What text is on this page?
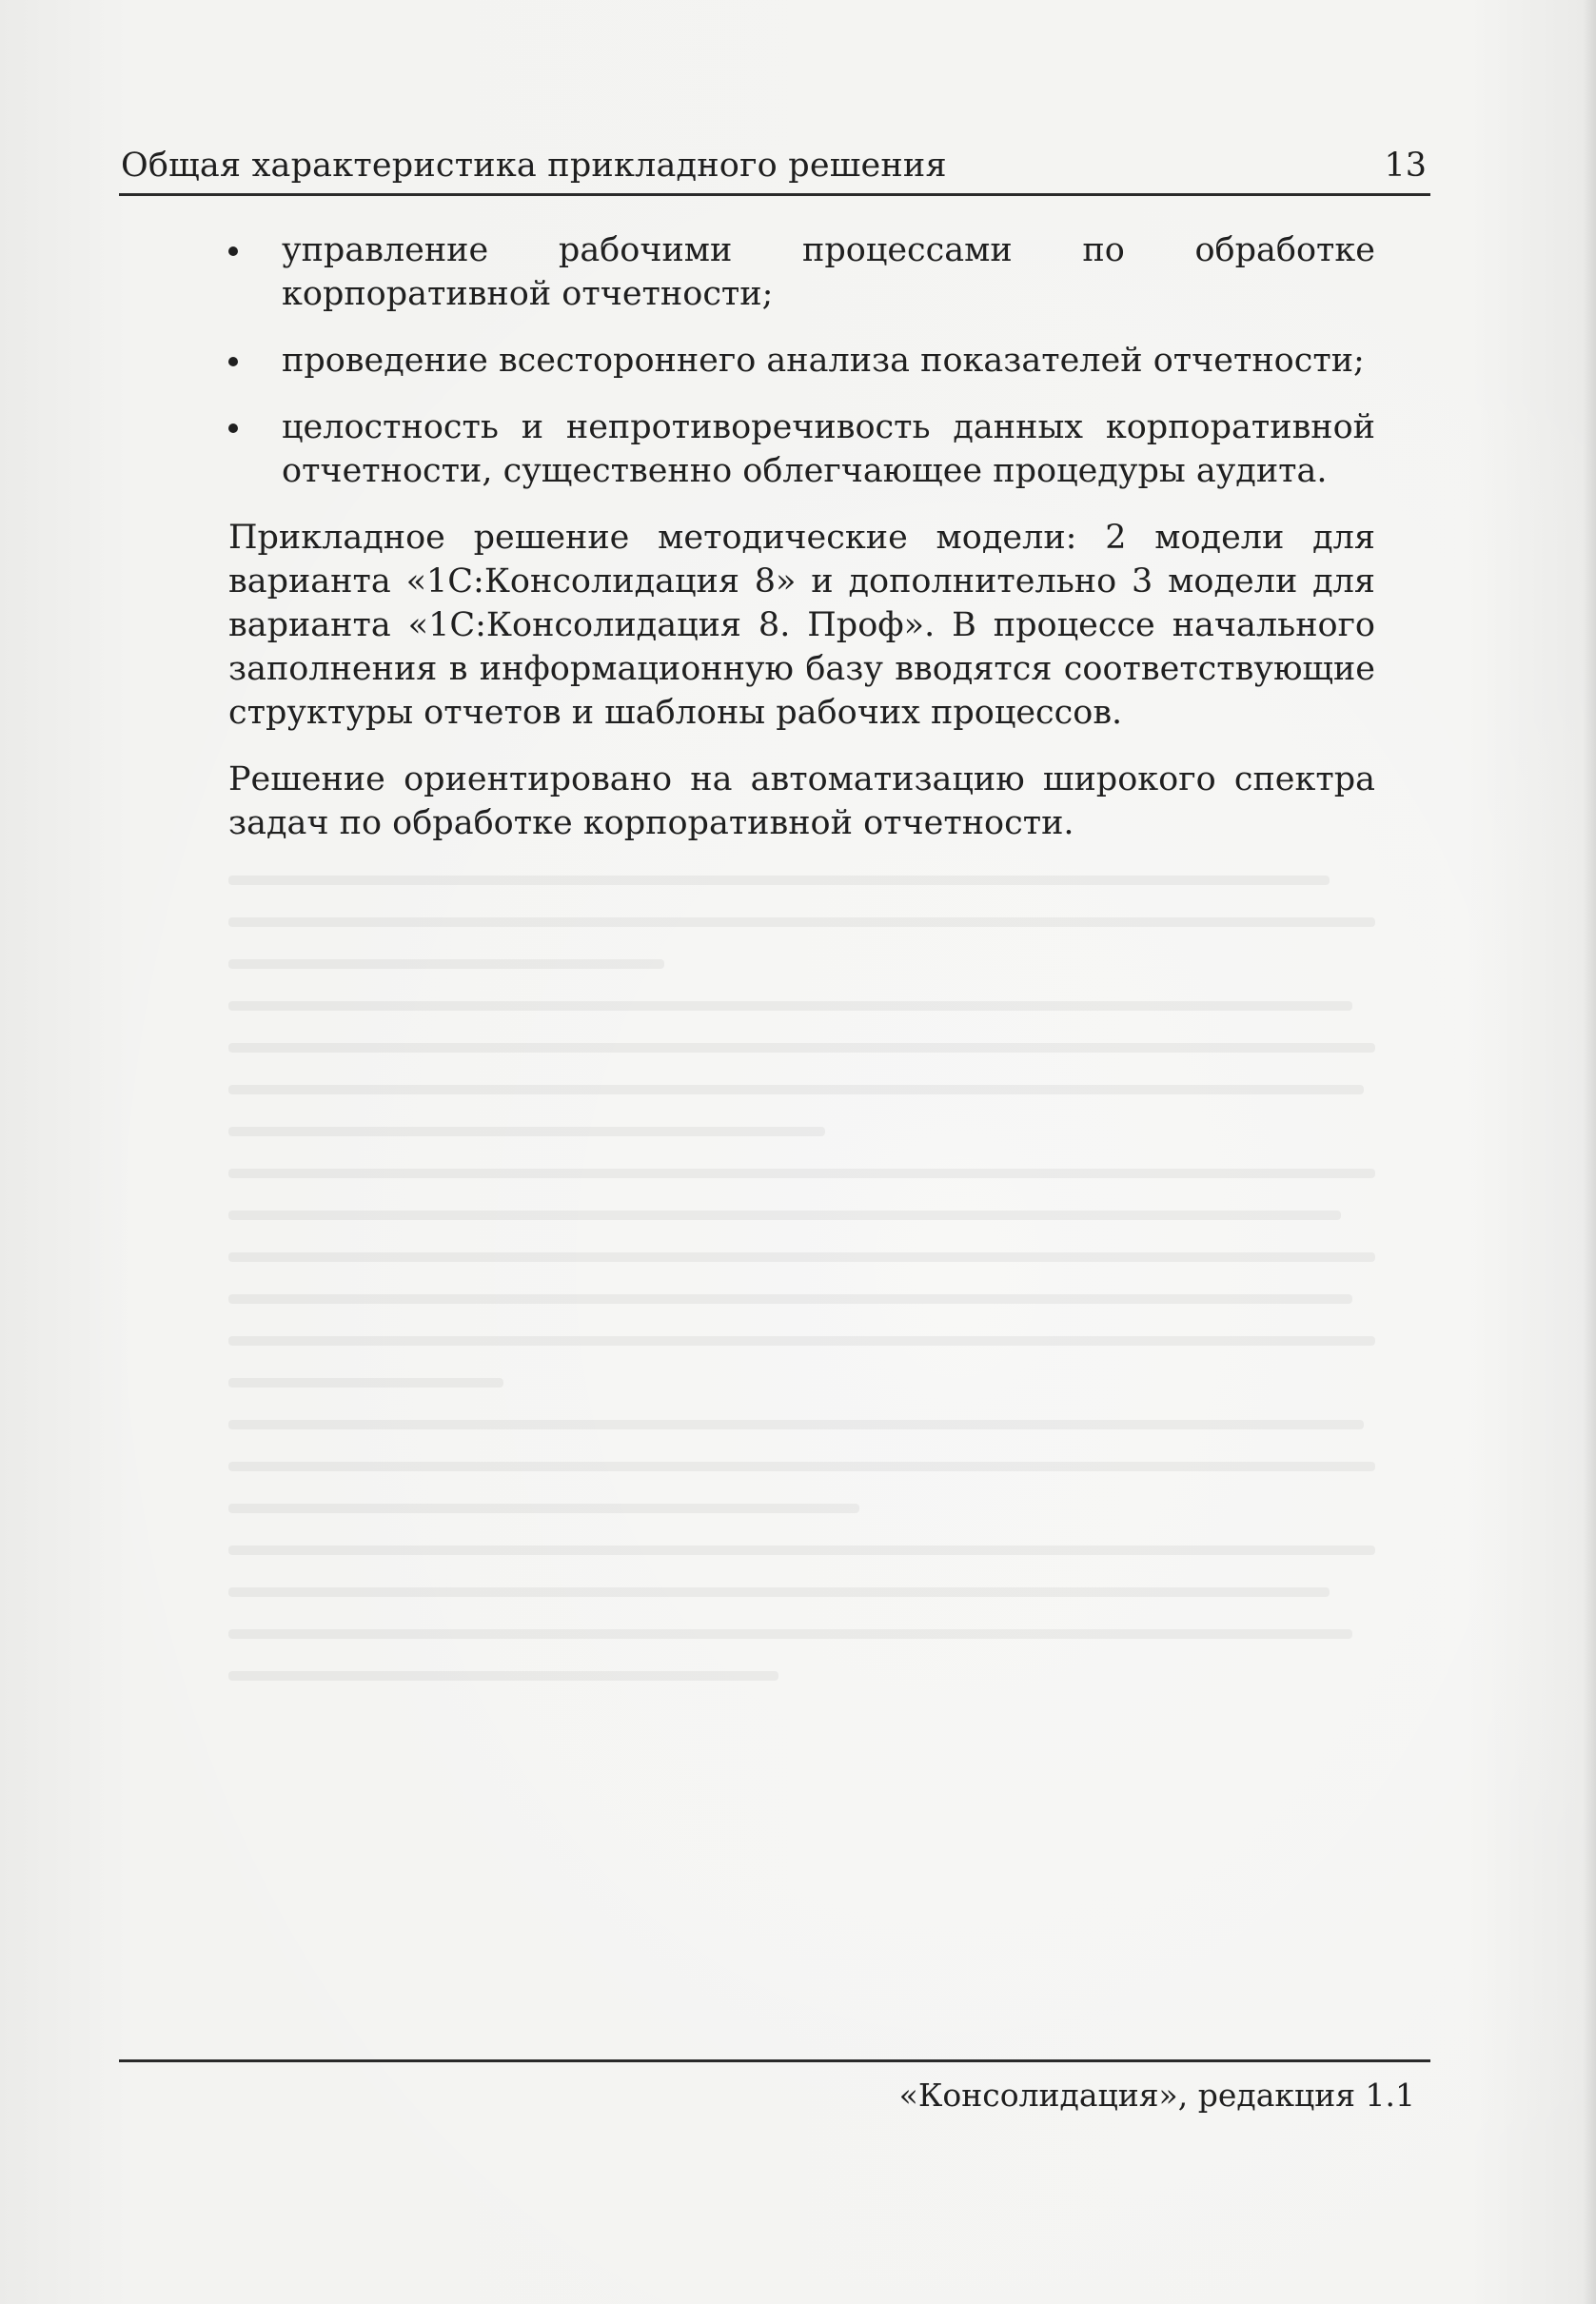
Общая характеристика прикладного решения	13
управление рабочими процессами по обработке корпоративной отчетности;
проведение всестороннего анализа показателей отчетности;
целостность и непротиворечивость данных корпоративной отчетности, существенно облегчающее процедуры аудита.

Прикладное решение методические модели: 2 модели для варианта «1С:Консолидация 8» и дополнительно 3 модели для варианта «1С:Консолидация 8. Проф». В процессе начального заполнения в информационную базу вводятся соответствующие структуры отчетов и шаблоны рабочих процессов.

Решение ориентировано на автоматизацию широкого спектра задач по обработке корпоративной отчетности.

«Консолидация», редакция 1.1
